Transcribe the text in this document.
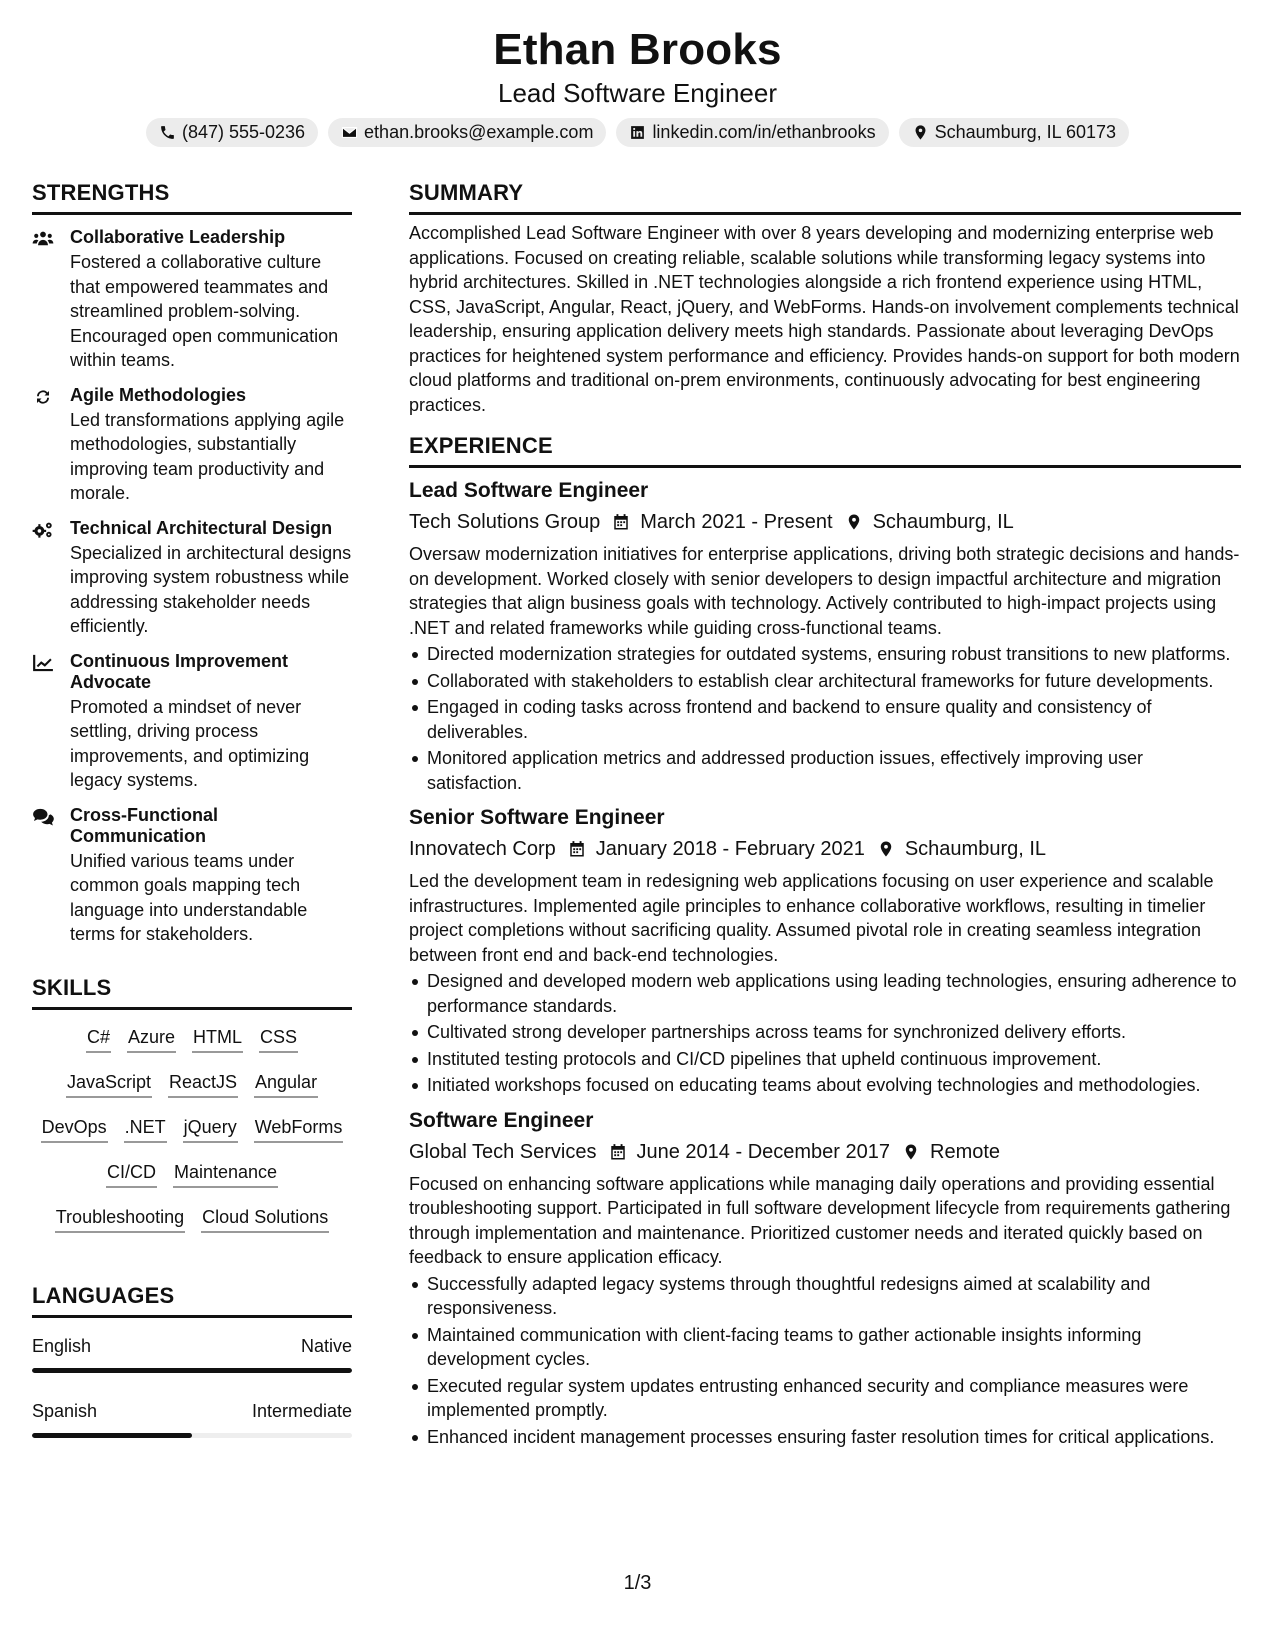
Ethan Brooks
Lead Software Engineer
(847) 555-0236	ethan.brooks@example.com	linkedin.com/in/ethanbrooks	Schaumburg, IL 60173
STRENGTHS
Collaborative Leadership
Fostered a collaborative culture that empowered teammates and streamlined problem-solving. Encouraged open communication within teams.
Agile Methodologies
Led transformations applying agile methodologies, substantially improving team productivity and morale.
Technical Architectural Design
Specialized in architectural designs improving system robustness while addressing stakeholder needs efficiently.
Continuous Improvement Advocate
Promoted a mindset of never settling, driving process improvements, and optimizing legacy systems.
Cross-Functional Communication
Unified various teams under common goals mapping tech language into understandable terms for stakeholders.
SKILLS
C# Azure HTML CSS
JavaScript ReactJS Angular
DevOps .NET jQuery WebForms
CI/CD Maintenance
Troubleshooting Cloud Solutions
LANGUAGES
English	Native
Spanish	Intermediate
SUMMARY
Accomplished Lead Software Engineer with over 8 years developing and modernizing enterprise web applications. Focused on creating reliable, scalable solutions while transforming legacy systems into hybrid architectures. Skilled in .NET technologies alongside a rich frontend experience using HTML, CSS, JavaScript, Angular, React, jQuery, and WebForms. Hands-on involvement complements technical leadership, ensuring application delivery meets high standards. Passionate about leveraging DevOps practices for heightened system performance and efficiency. Provides hands-on support for both modern cloud platforms and traditional on-prem environments, continuously advocating for best engineering practices.
EXPERIENCE
Lead Software Engineer
Tech Solutions Group March 2021 - Present Schaumburg, IL
Oversaw modernization initiatives for enterprise applications, driving both strategic decisions and hands-on development. Worked closely with senior developers to design impactful architecture and migration strategies that align business goals with technology. Actively contributed to high-impact projects using .NET and related frameworks while guiding cross-functional teams.
Directed modernization strategies for outdated systems, ensuring robust transitions to new platforms.
Collaborated with stakeholders to establish clear architectural frameworks for future developments.
Engaged in coding tasks across frontend and backend to ensure quality and consistency of deliverables.
Monitored application metrics and addressed production issues, effectively improving user satisfaction.
Senior Software Engineer
Innovatech Corp January 2018 - February 2021 Schaumburg, IL
Led the development team in redesigning web applications focusing on user experience and scalable infrastructures. Implemented agile principles to enhance collaborative workflows, resulting in timelier project completions without sacrificing quality. Assumed pivotal role in creating seamless integration between front end and back-end technologies.
Designed and developed modern web applications using leading technologies, ensuring adherence to performance standards.
Cultivated strong developer partnerships across teams for synchronized delivery efforts.
Instituted testing protocols and CI/CD pipelines that upheld continuous improvement.
Initiated workshops focused on educating teams about evolving technologies and methodologies.
Software Engineer
Global Tech Services June 2014 - December 2017 Remote
Focused on enhancing software applications while managing daily operations and providing essential troubleshooting support. Participated in full software development lifecycle from requirements gathering through implementation and maintenance. Prioritized customer needs and iterated quickly based on feedback to ensure application efficacy.
Successfully adapted legacy systems through thoughtful redesigns aimed at scalability and responsiveness.
Maintained communication with client-facing teams to gather actionable insights informing development cycles.
Executed regular system updates entrusting enhanced security and compliance measures were implemented promptly.
Enhanced incident management processes ensuring faster resolution times for critical applications.
1/3
